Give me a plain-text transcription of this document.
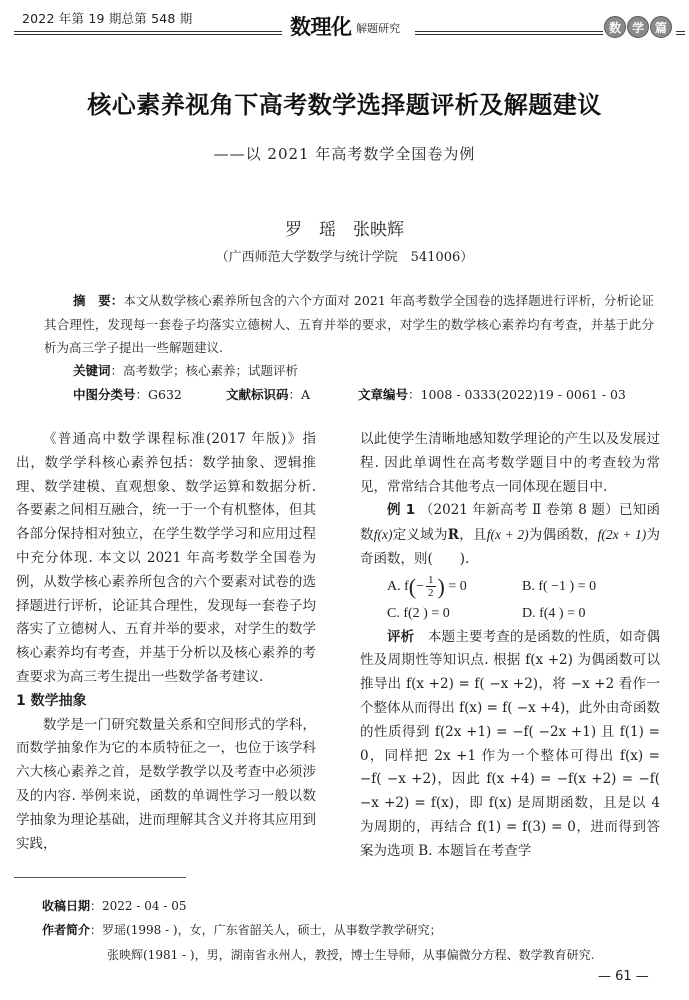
2022 年第 19 期总第 548 期	数理化 解题研究	数 学 篇
核心素养视角下高考数学选择题评析及解题建议
——以 2021 年高考数学全国卷为例
罗　瑶　张映辉
（广西师范大学数学与统计学院　541006）
摘　要：本文从数学核心素养所包含的六个方面对 2021 年高考数学全国卷的选择题进行评析，分析论证其合理性，发现每一套卷子均落实立德树人、五育并举的要求，对学生的数学核心素养均有考查，并基于此分析为高三学子提出一些解题建议.
关键词：高考数学；核心素养；试题评析
中图分类号：G632	文献标识码：A	文章编号：1008 - 0333(2022)19 - 0061 - 03

《普通高中数学课程标准(2017 年版)》指出，数学学科核心素养包括：数学抽象、逻辑推理、数学建模、直观想象、数学运算和数据分析. 各要素之间相互融合，统一于一个有机整体，但其各部分保持相对独立，在学生数学学习和应用过程中充分体现. 本文以 2021 年高考数学全国卷为例，从数学核心素养所包含的六个要素对试卷的选择题进行评析，论证其合理性，发现每一套卷子均落实了立德树人、五育并举的要求，对学生的数学核心素养均有考查，并基于分析以及核心素养的考查要求为高三考生提出一些数学备考建议.

1 数学抽象

数学是一门研究数量关系和空间形式的学科，而数学抽象作为它的本质特征之一，也位于该学科六大核心素养之首，是数学教学以及考查中必须涉及的内容. 举例来说，函数的单调性学习一般以数学抽象为理论基础，进而理解其含义并将其应用到实践，

以此使学生清晰地感知数学理论的产生以及发展过程. 因此单调性在高考数学题目中的考查较为常见，常常结合其他考点一同体现在题目中.

例 1 （2021 年新高考 Ⅱ 卷第 8 题）已知函数f(x)定义域为R，且f(x + 2)为偶函数，f(2x + 1)为奇函数，则(　　).

A. $f(- \frac{1}{2}$ ) = 0	B. f( −1 ) = 0
C. f(2 ) = 0	D. f(4 ) = 0

评析　 本题主要考查的是函数的性质，如奇偶性及周期性等知识点. 根据 f(x +2) 为偶函数可以推导出 f(x +2) = f( −x +2)，将 −x +2 看作一个整体从而得出 f(x) = f( −x +4)，此外由奇函数的性质得到 f(2x +1) = −f( −2x +1) 且 f(1) = 0，同样把 2x +1 作为一个整体可得出 f(x) = −f( −x +2)，因此 f(x +4) = −f(x +2) = −f( −x +2) = f(x)，即 f(x) 是周期函数，且是以 4 为周期的，再结合 f(1) = f(3) = 0，进而得到答案为选项 B. 本题旨在考查学

收稿日期：2022 - 04 - 05
作者简介：罗瑶(1998 - )，女，广东省韶关人，硕士，从事数学教学研究；
张映辉(1981 - )，男，湖南省永州人，教授，博士生导师，从事偏微分方程、数学教育研究.
— 61 —
